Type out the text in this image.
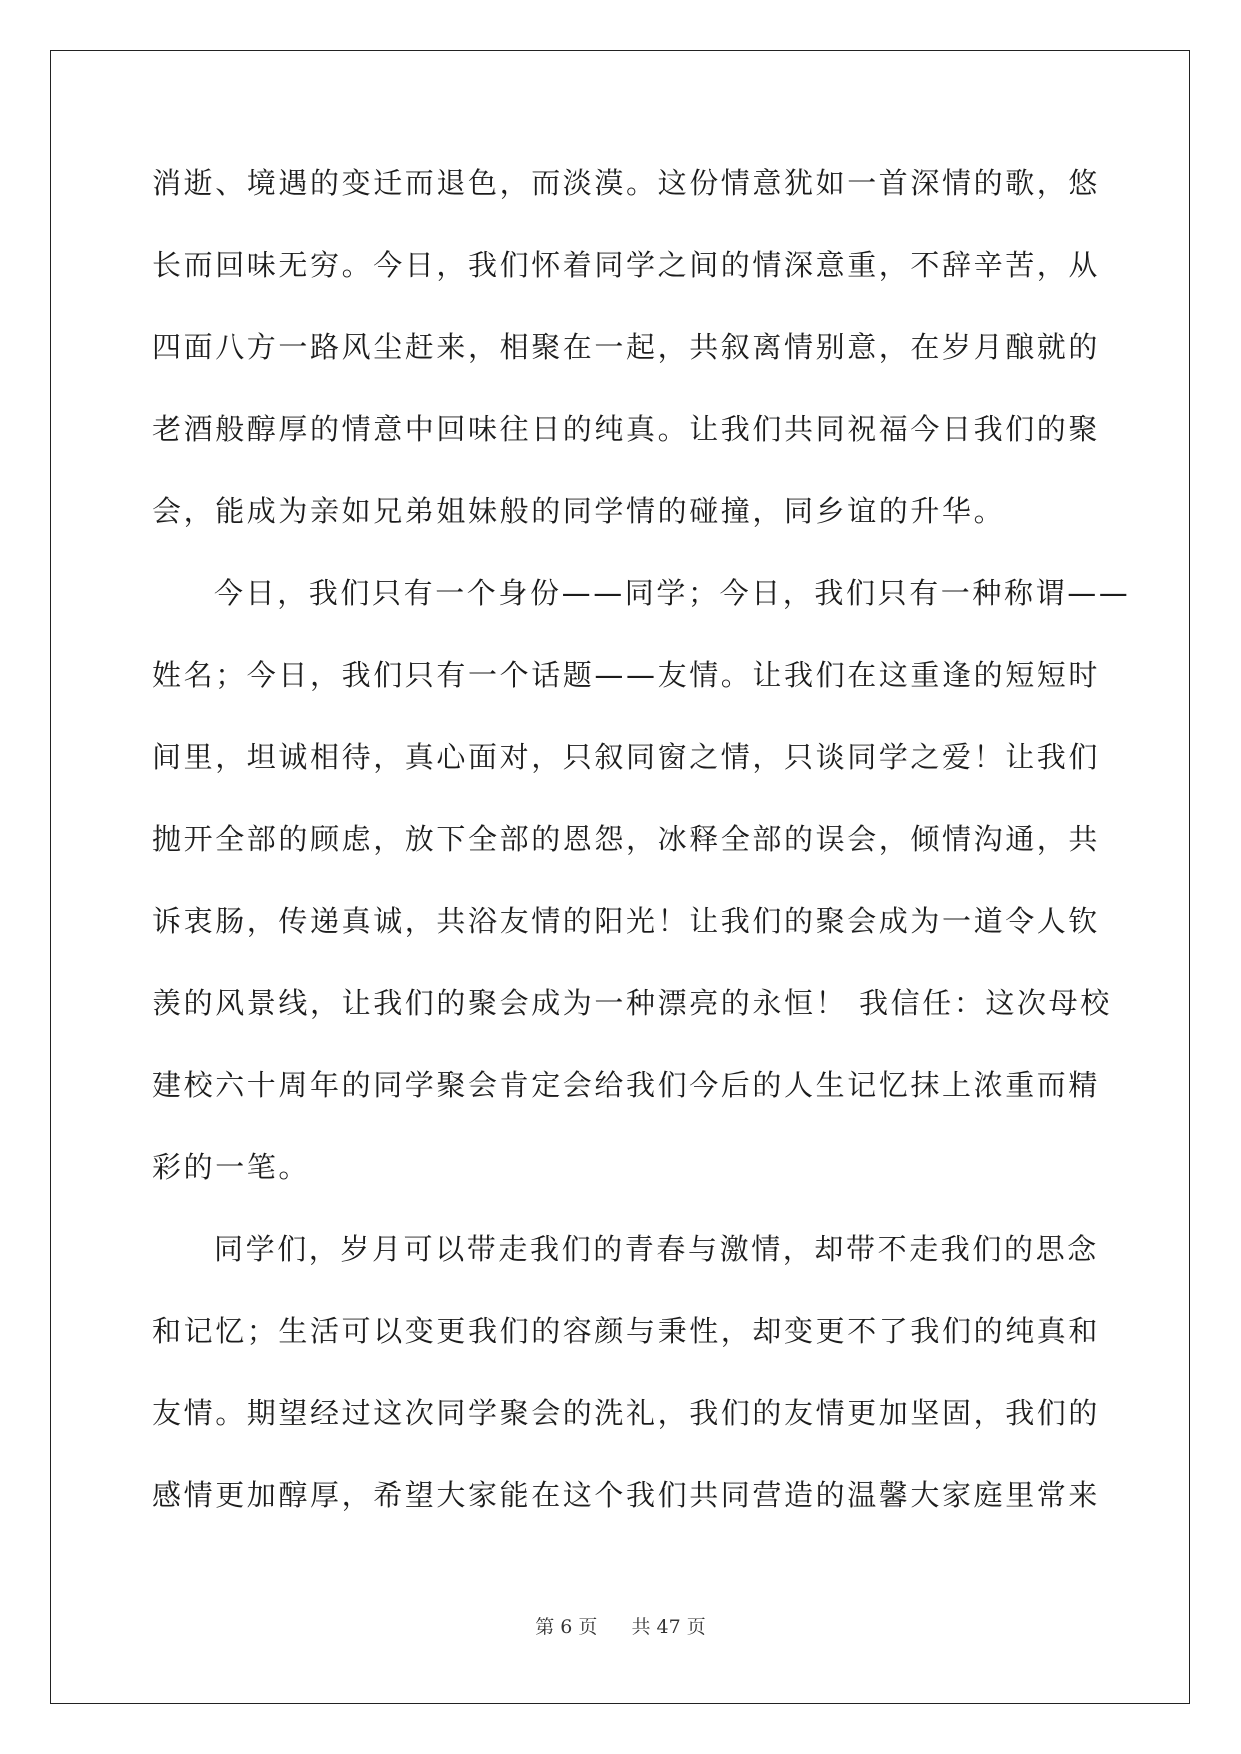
消逝、境遇的变迁而退色，而淡漠。这份情意犹如一首深情的歌，悠
长而回味无穷。今日，我们怀着同学之间的情深意重，不辞辛苦，从
四面八方一路风尘赶来，相聚在一起，共叙离情别意，在岁月酿就的
老酒般醇厚的情意中回味往日的纯真。让我们共同祝福今日我们的聚
会，能成为亲如兄弟姐妹般的同学情的碰撞，同乡谊的升华。
今日，我们只有一个身份——同学；今日，我们只有一种称谓——
姓名；今日，我们只有一个话题——友情。让我们在这重逢的短短时
间里，坦诚相待，真心面对，只叙同窗之情，只谈同学之爱！让我们
抛开全部的顾虑，放下全部的恩怨，冰释全部的误会，倾情沟通，共
诉衷肠，传递真诚，共浴友情的阳光！让我们的聚会成为一道令人钦
羡的风景线，让我们的聚会成为一种漂亮的永恒！ 我信任：这次母校
建校六十周年的同学聚会肯定会给我们今后的人生记忆抹上浓重而精
彩的一笔。
同学们，岁月可以带走我们的青春与激情，却带不走我们的思念
和记忆；生活可以变更我们的容颜与秉性，却变更不了我们的纯真和
友情。期望经过这次同学聚会的洗礼，我们的友情更加坚固，我们的
感情更加醇厚，希望大家能在这个我们共同营造的温馨大家庭里常来
第 6 页 共 47 页
